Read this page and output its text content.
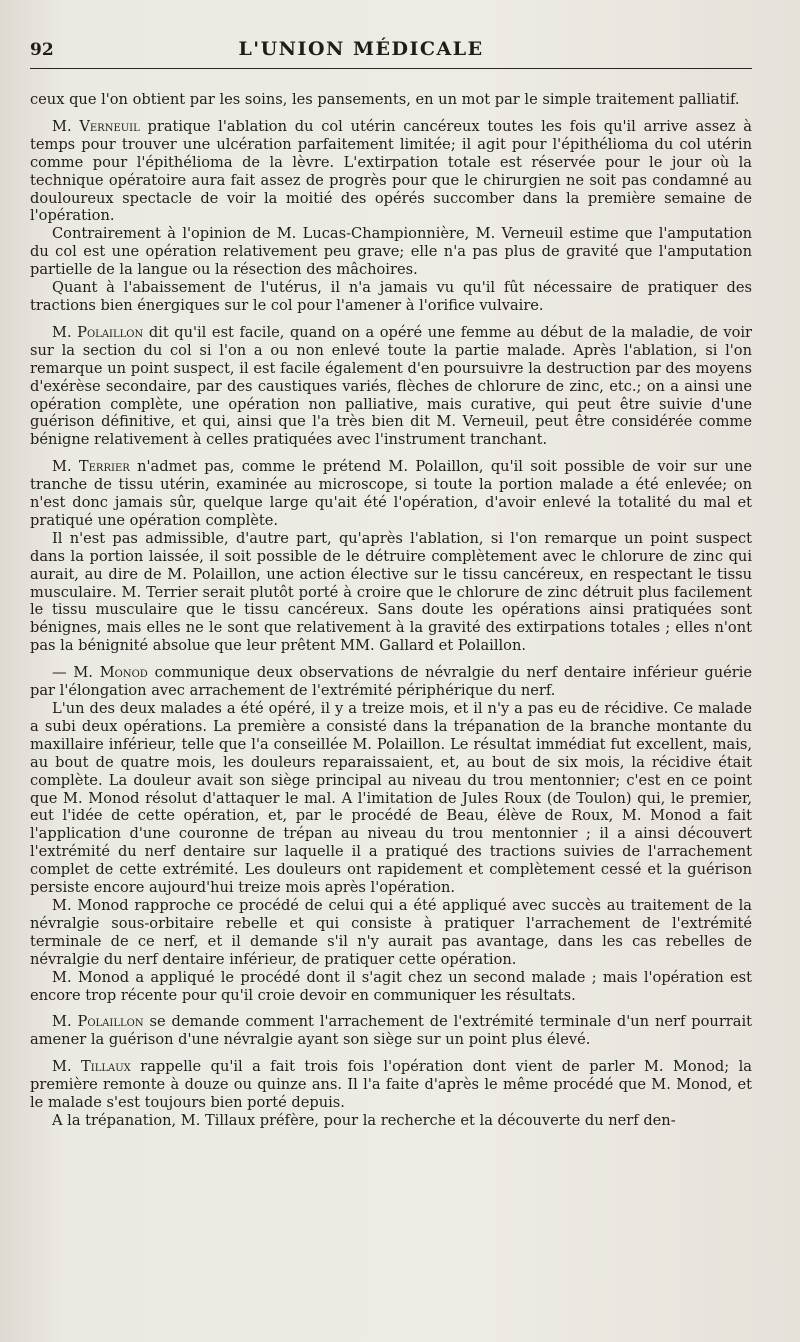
92	L'UNION MÉDICALE

ceux que l'on obtient par les soins, les pansements, en un mot par le simple traitement palliatif.

M. Verneuil pratique l'ablation du col utérin cancéreux toutes les fois qu'il arrive assez à temps pour trouver une ulcération parfaitement limitée; il agit pour l'épithélioma du col utérin comme pour l'épithélioma de la lèvre. L'extirpation totale est réservée pour le jour où la technique opératoire aura fait assez de progrès pour que le chirurgien ne soit pas condamné au douloureux spectacle de voir la moitié des opérés succomber dans la première semaine de l'opération.

Contrairement à l'opinion de M. Lucas-Championnière, M. Verneuil estime que l'amputation du col est une opération relativement peu grave; elle n'a pas plus de gravité que l'amputation partielle de la langue ou la résection des mâchoires.

Quant à l'abaissement de l'utérus, il n'a jamais vu qu'il fût nécessaire de pratiquer des tractions bien énergiques sur le col pour l'amener à l'orifice vulvaire.

M. Polaillon dit qu'il est facile, quand on a opéré une femme au début de la maladie, de voir sur la section du col si l'on a ou non enlevé toute la partie malade. Après l'ablation, si l'on remarque un point suspect, il est facile également d'en poursuivre la destruction par des moyens d'exérèse secondaire, par des caustiques variés, flèches de chlorure de zinc, etc.; on a ainsi une opération complète, une opération non palliative, mais curative, qui peut être suivie d'une guérison définitive, et qui, ainsi que l'a très bien dit M. Verneuil, peut être considérée comme bénigne relativement à celles pratiquées avec l'instrument tranchant.

M. Terrier n'admet pas, comme le prétend M. Polaillon, qu'il soit possible de voir sur une tranche de tissu utérin, examinée au microscope, si toute la portion malade a été enlevée; on n'est donc jamais sûr, quelque large qu'ait été l'opération, d'avoir enlevé la totalité du mal et pratiqué une opération complète.

Il n'est pas admissible, d'autre part, qu'après l'ablation, si l'on remarque un point suspect dans la portion laissée, il soit possible de le détruire complètement avec le chlorure de zinc qui aurait, au dire de M. Polaillon, une action élective sur le tissu cancéreux, en respectant le tissu musculaire. M. Terrier serait plutôt porté à croire que le chlorure de zinc détruit plus facilement le tissu musculaire que le tissu cancéreux. Sans doute les opérations ainsi pratiquées sont bénignes, mais elles ne le sont que relativement à la gravité des extirpations totales ; elles n'ont pas la bénignité absolue que leur prêtent MM. Gallard et Polaillon.

— M. Monod communique deux observations de névralgie du nerf dentaire inférieur guérie par l'élongation avec arrachement de l'extrémité périphérique du nerf.

L'un des deux malades a été opéré, il y a treize mois, et il n'y a pas eu de récidive. Ce malade a subi deux opérations. La première a consisté dans la trépanation de la branche montante du maxillaire inférieur, telle que l'a conseillée M. Polaillon. Le résultat immédiat fut excellent, mais, au bout de quatre mois, les douleurs reparaissaient, et, au bout de six mois, la récidive était complète. La douleur avait son siège principal au niveau du trou mentonnier; c'est en ce point que M. Monod résolut d'attaquer le mal. A l'imitation de Jules Roux (de Toulon) qui, le premier, eut l'idée de cette opération, et, par le procédé de Beau, élève de Roux, M. Monod a fait l'application d'une couronne de trépan au niveau du trou mentonnier ; il a ainsi découvert l'extrémité du nerf dentaire sur laquelle il a pratiqué des tractions suivies de l'arrachement complet de cette extrémité. Les douleurs ont rapidement et complètement cessé et la guérison persiste encore aujourd'hui treize mois après l'opération.

M. Monod rapproche ce procédé de celui qui a été appliqué avec succès au traitement de la névralgie sous-orbitaire rebelle et qui consiste à pratiquer l'arrachement de l'extrémité terminale de ce nerf, et il demande s'il n'y aurait pas avantage, dans les cas rebelles de névralgie du nerf dentaire inférieur, de pratiquer cette opération.

M. Monod a appliqué le procédé dont il s'agit chez un second malade ; mais l'opération est encore trop récente pour qu'il croie devoir en communiquer les résultats.

M. Polaillon se demande comment l'arrachement de l'extrémité terminale d'un nerf pourrait amener la guérison d'une névralgie ayant son siège sur un point plus élevé.

M. Tillaux rappelle qu'il a fait trois fois l'opération dont vient de parler M. Monod; la première remonte à douze ou quinze ans. Il l'a faite d'après le même procédé que M. Monod, et le malade s'est toujours bien porté depuis.

A la trépanation, M. Tillaux préfère, pour la recherche et la découverte du nerf den-
